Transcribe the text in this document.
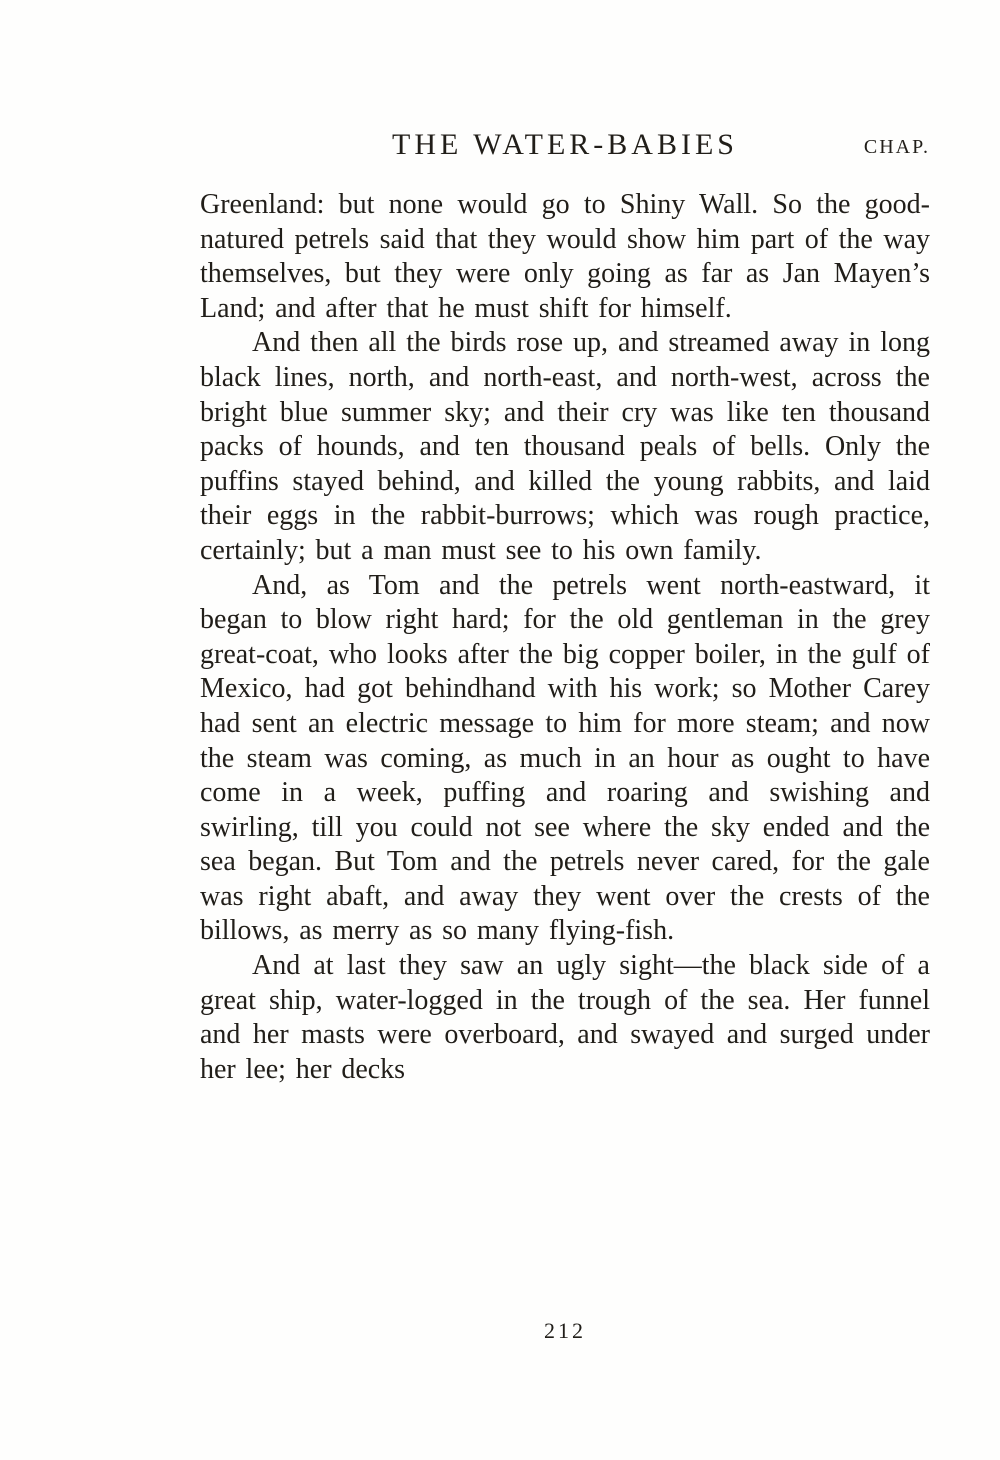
THE WATER-BABIES	CHAP.

Greenland: but none would go to Shiny Wall. So the good-natured petrels said that they would show him part of the way themselves, but they were only going as far as Jan Mayen’s Land; and after that he must shift for himself.

And then all the birds rose up, and streamed away in long black lines, north, and north-east, and north-west, across the bright blue summer sky; and their cry was like ten thousand packs of hounds, and ten thousand peals of bells. Only the puffins stayed behind, and killed the young rabbits, and laid their eggs in the rabbit-burrows; which was rough practice, certainly; but a man must see to his own family.

And, as Tom and the petrels went north-eastward, it began to blow right hard; for the old gentleman in the grey great-coat, who looks after the big copper boiler, in the gulf of Mexico, had got behindhand with his work; so Mother Carey had sent an electric message to him for more steam; and now the steam was coming, as much in an hour as ought to have come in a week, puffing and roaring and swishing and swirling, till you could not see where the sky ended and the sea began. But Tom and the petrels never cared, for the gale was right abaft, and away they went over the crests of the billows, as merry as so many flying-fish.

And at last they saw an ugly sight—the black side of a great ship, water-logged in the trough of the sea. Her funnel and her masts were overboard, and swayed and surged under her lee; her decks

212
